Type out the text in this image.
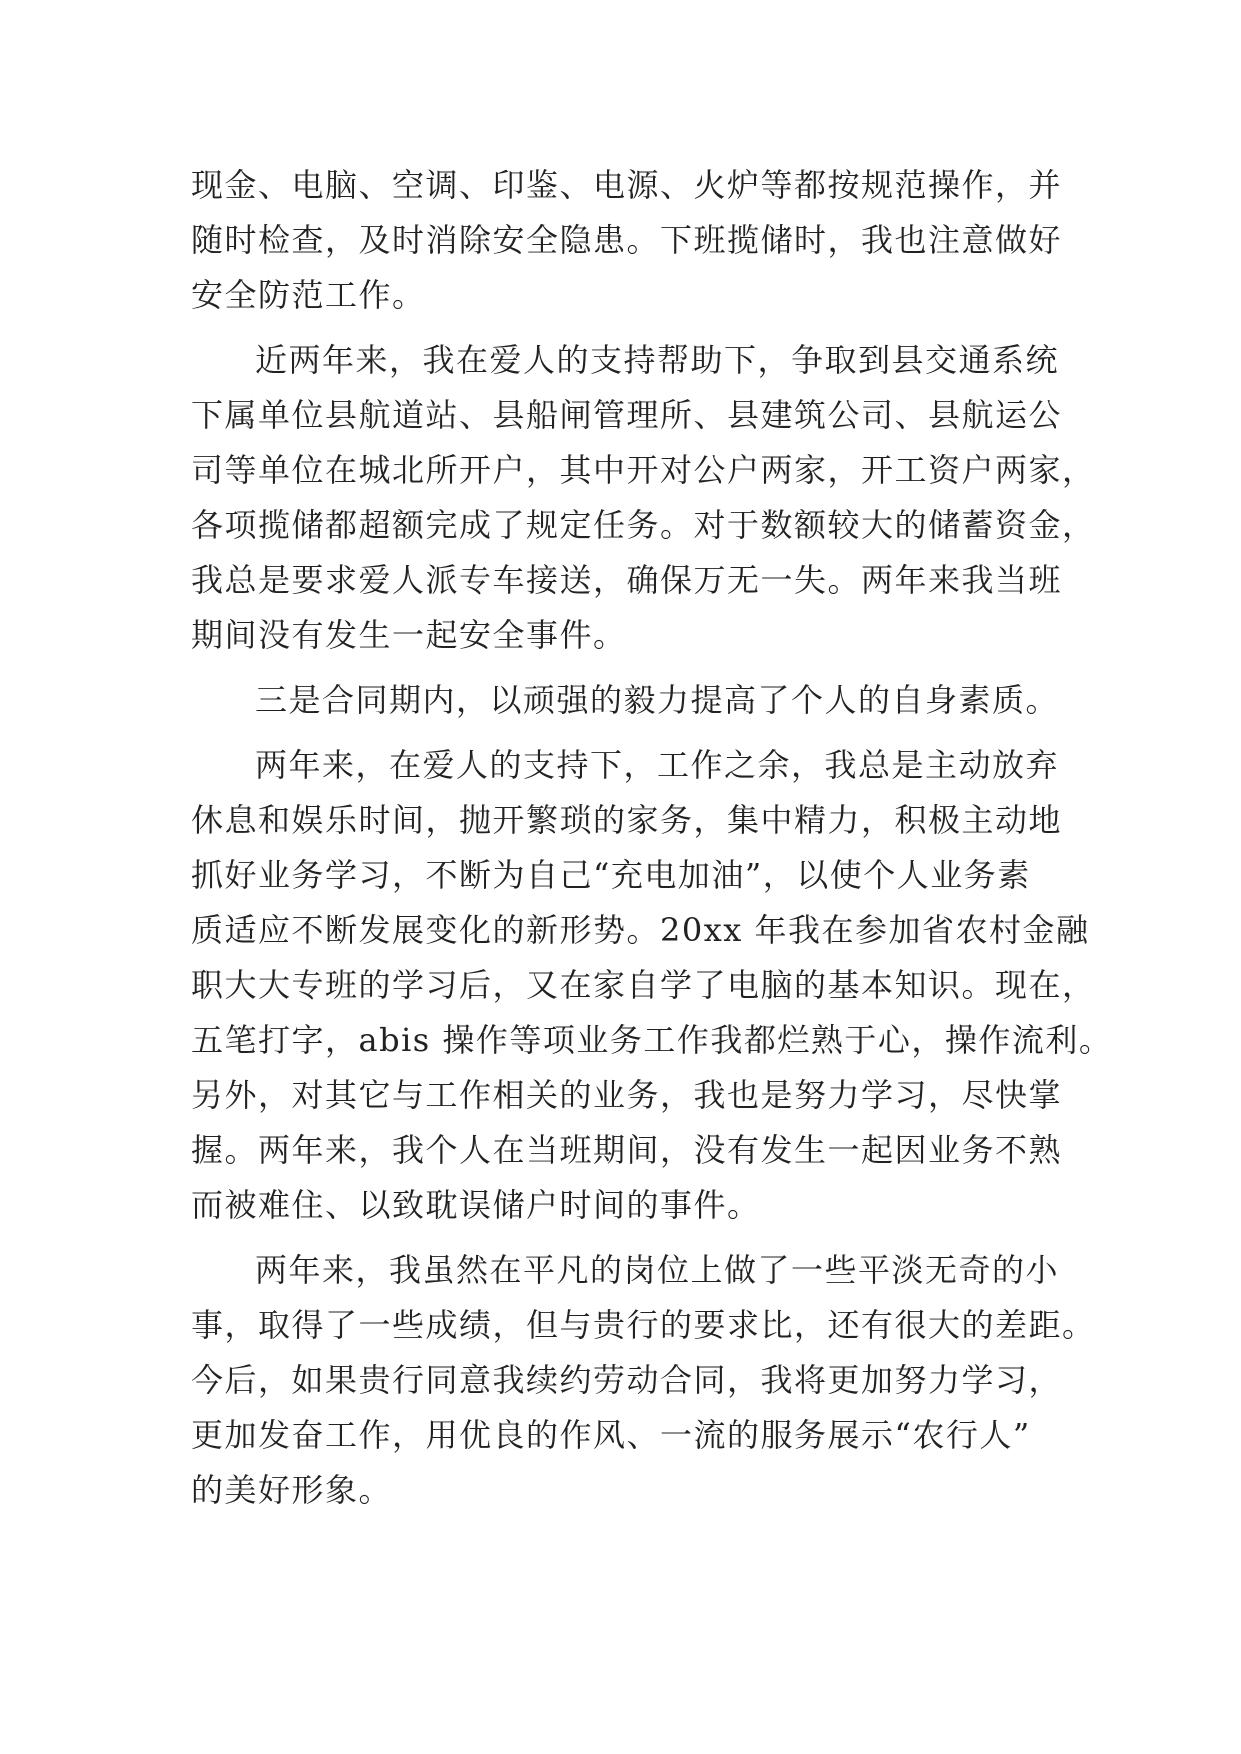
现金、电脑、空调、印鉴、电源、火炉等都按规范操作，并
随时检查，及时消除安全隐患。下班揽储时，我也注意做好
安全防范工作。
近两年来，我在爱人的支持帮助下，争取到县交通系统
下属单位县航道站、县船闸管理所、县建筑公司、县航运公
司等单位在城北所开户，其中开对公户两家，开工资户两家，
各项揽储都超额完成了规定任务。对于数额较大的储蓄资金，
我总是要求爱人派专车接送，确保万无一失。两年来我当班
期间没有发生一起安全事件。
三是合同期内，以顽强的毅力提高了个人的自身素质。
两年来，在爱人的支持下，工作之余，我总是主动放弃
休息和娱乐时间，抛开繁琐的家务，集中精力，积极主动地
抓好业务学习，不断为自己“充电加油”，以使个人业务素
质适应不断发展变化的新形势。20xx 年我在参加省农村金融
职大大专班的学习后，又在家自学了电脑的基本知识。现在，
五笔打字，abis 操作等项业务工作我都烂熟于心，操作流利。
另外，对其它与工作相关的业务，我也是努力学习，尽快掌
握。两年来，我个人在当班期间，没有发生一起因业务不熟
而被难住、以致耽误储户时间的事件。
两年来，我虽然在平凡的岗位上做了一些平淡无奇的小
事，取得了一些成绩，但与贵行的要求比，还有很大的差距。
今后，如果贵行同意我续约劳动合同，我将更加努力学习，
更加发奋工作，用优良的作风、一流的服务展示“农行人”
的美好形象。
